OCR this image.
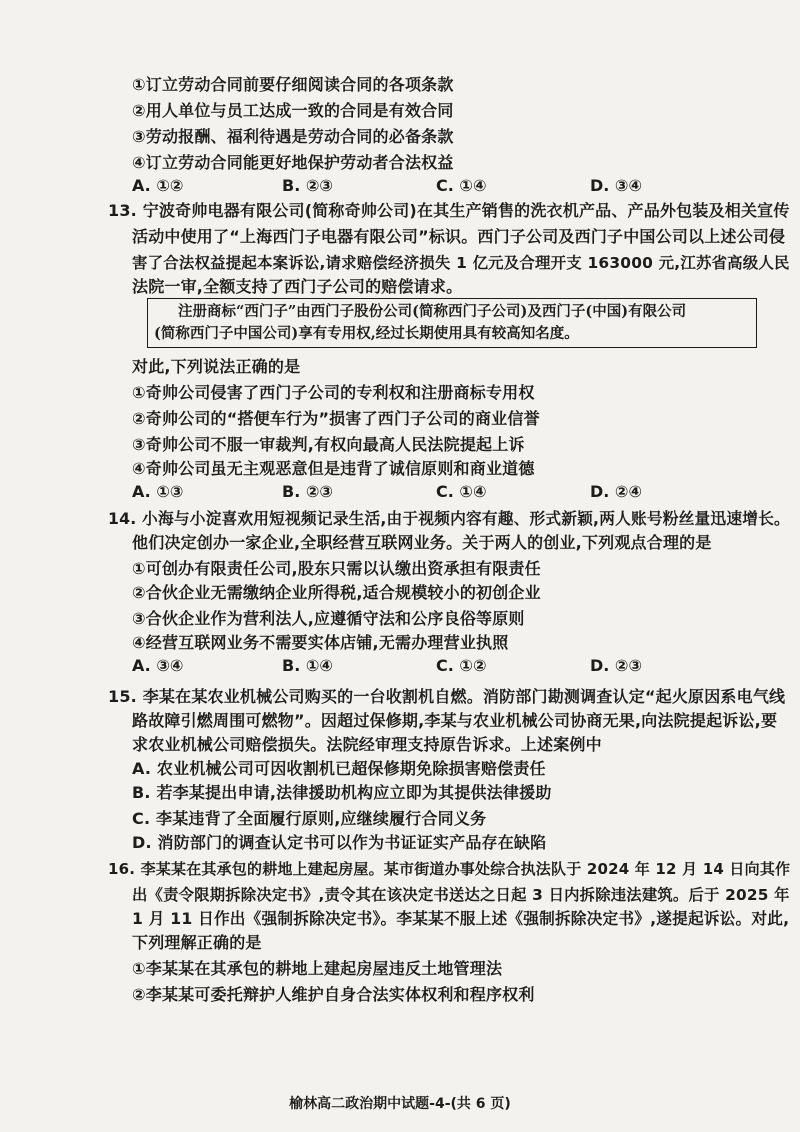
①订立劳动合同前要仔细阅读合同的各项条款
②用人单位与员工达成一致的合同是有效合同
③劳动报酬、福利待遇是劳动合同的必备条款
④订立劳动合同能更好地保护劳动者合法权益
A. ①②	B. ②③	C. ①④	D. ③④
13. 宁波奇帅电器有限公司(简称奇帅公司)在其生产销售的洗衣机产品、产品外包装及相关宣传
活动中使用了“上海西门子电器有限公司”标识。西门子公司及西门子中国公司以上述公司侵
害了合法权益提起本案诉讼,请求赔偿经济损失 1 亿元及合理开支 163000 元,江苏省高级人民
法院一审,全额支持了西门子公司的赔偿请求。
注册商标“西门子”由西门子股份公司(简称西门子公司)及西门子(中国)有限公司
(简称西门子中国公司)享有专用权,经过长期使用具有较高知名度。
对此,下列说法正确的是
①奇帅公司侵害了西门子公司的专利权和注册商标专用权
②奇帅公司的“搭便车行为”损害了西门子公司的商业信誉
③奇帅公司不服一审裁判,有权向最高人民法院提起上诉
④奇帅公司虽无主观恶意但是违背了诚信原则和商业道德
A. ①③	B. ②③	C. ①④	D. ②④
14. 小海与小淀喜欢用短视频记录生活,由于视频内容有趣、形式新颖,两人账号粉丝量迅速增长。
他们决定创办一家企业,全职经营互联网业务。关于两人的创业,下列观点合理的是
①可创办有限责任公司,股东只需以认缴出资承担有限责任
②合伙企业无需缴纳企业所得税,适合规模较小的初创企业
③合伙企业作为营利法人,应遵循守法和公序良俗等原则
④经营互联网业务不需要实体店铺,无需办理营业执照
A. ③④	B. ①④	C. ①②	D. ②③
15. 李某在某农业机械公司购买的一台收割机自燃。消防部门勘测调查认定“起火原因系电气线
路故障引燃周围可燃物”。因超过保修期,李某与农业机械公司协商无果,向法院提起诉讼,要
求农业机械公司赔偿损失。法院经审理支持原告诉求。上述案例中
A. 农业机械公司可因收割机已超保修期免除损害赔偿责任
B. 若李某提出申请,法律援助机构应立即为其提供法律援助
C. 李某违背了全面履行原则,应继续履行合同义务
D. 消防部门的调查认定书可以作为书证证实产品存在缺陷
16. 李某某在其承包的耕地上建起房屋。某市街道办事处综合执法队于 2024 年 12 月 14 日向其作
出《责令限期拆除决定书》,责令其在该决定书送达之日起 3 日内拆除违法建筑。后于 2025 年
1 月 11 日作出《强制拆除决定书》。李某某不服上述《强制拆除决定书》,遂提起诉讼。对此,
下列理解正确的是
①李某某在其承包的耕地上建起房屋违反土地管理法
②李某某可委托辩护人维护自身合法实体权利和程序权利
榆林高二政治期中试题-4-(共 6 页)
